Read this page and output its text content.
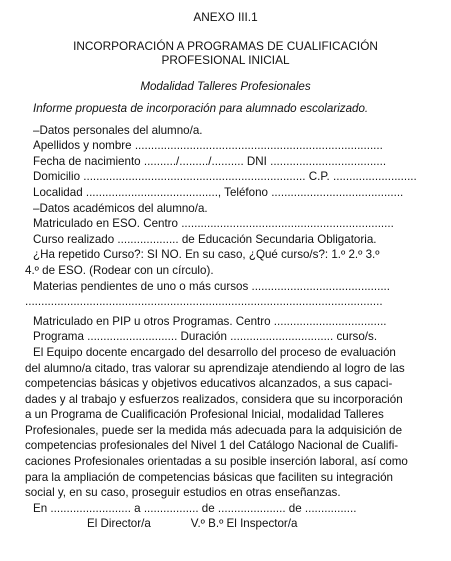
ANEXO III.1
INCORPORACIÓN A PROGRAMAS DE CUALIFICACIÓN
PROFESIONAL INICIAL
Modalidad Talleres Profesionales
Informe propuesta de incorporación para alumnado escolarizado.
–Datos personales del alumno/a.
Apellidos y nombre .............................................................................
Fecha de nacimiento ........../........./.......... DNI ....................................
Domicilio ..................................................................... C.P. ..........................
Localidad ........................................., Teléfono .........................................
–Datos académicos del alumno/a.
Matriculado en ESO. Centro ..................................................................
Curso realizado ................... de Educación Secundaria Obligatoria.
¿Ha repetido Curso?: SI NO. En su caso, ¿Qué curso/s?: 1.º 2.º 3.º
4.º de ESO. (Rodear con un círculo).
Materias pendientes de uno o más cursos ...........................................
...............................................................................................................
Matriculado en PIP u otros Programas. Centro ...................................
Programa ............................ Duración ................................ curso/s.
El Equipo docente encargado del desarrollo del proceso de evaluación
del alumno/a citado, tras valorar su aprendizaje atendiendo al logro de las
competencias básicas y objetivos educativos alcanzados, a sus capaci-
dades y al trabajo y esfuerzos realizados, considera que su incorporación
a un Programa de Cualificación Profesional Inicial, modalidad Talleres
Profesionales, puede ser la medida más adecuada para la adquisición de
competencias profesionales del Nivel 1 del Catálogo Nacional de Cualifi-
caciones Profesionales orientadas a su posible inserción laboral, así como
para la ampliación de competencias básicas que faciliten su integración
social y, en su caso, proseguir estudios en otras enseñanzas.
En ......................... a ................. de ..................... de ................
El Director/a	V.º B.º El Inspector/a
